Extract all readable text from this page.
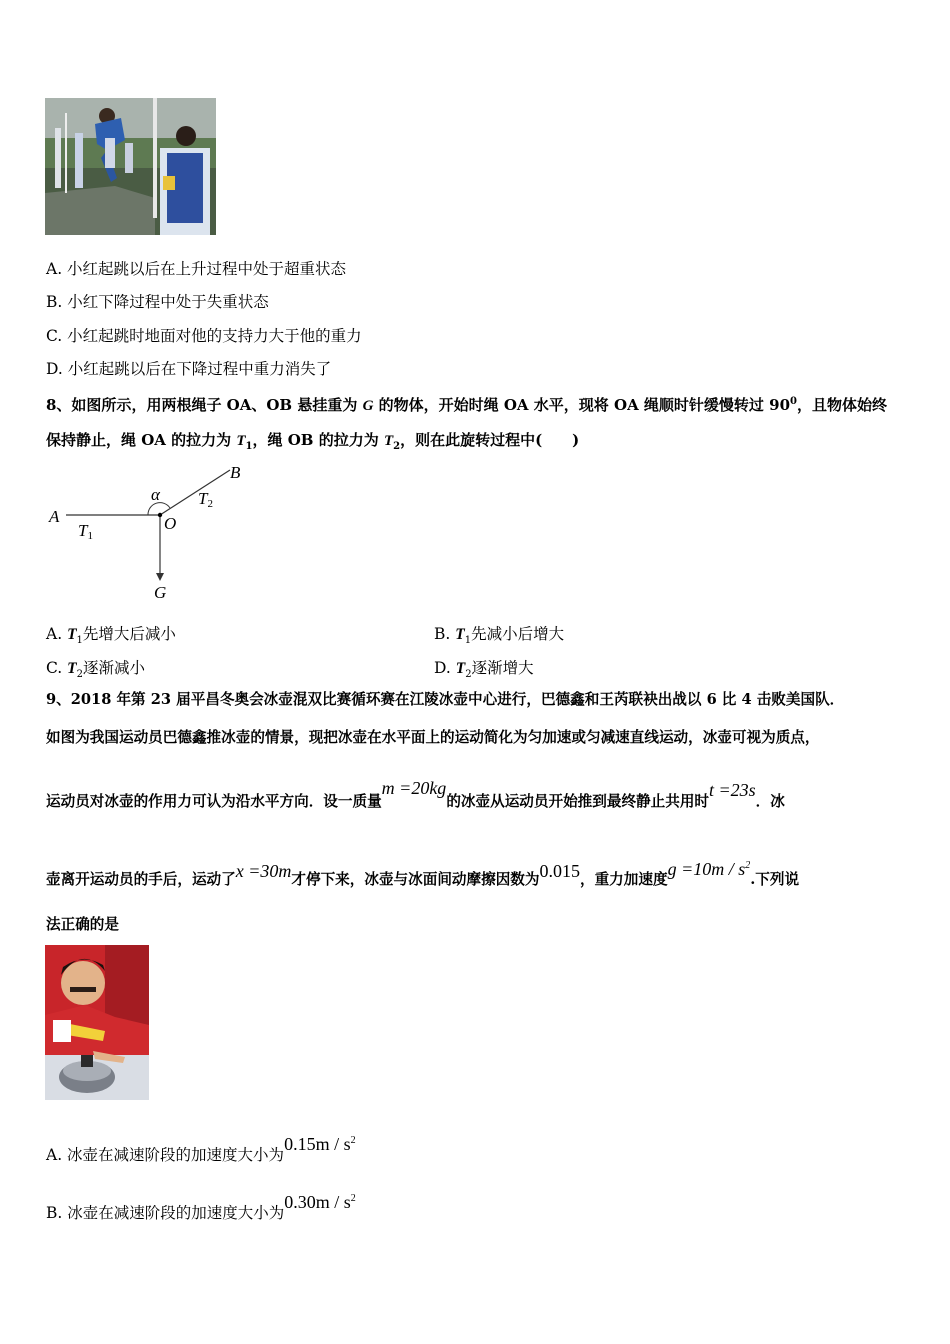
A. 小红起跳以后在上升过程中处于超重状态
B. 小红下降过程中处于失重状态
C. 小红起跳时地面对他的支持力大于他的重力
D. 小红起跳以后在下降过程中重力消失了
8、如图所示，用两根绳子 OA、OB 悬挂重为 G 的物体，开始时绳 OA 水平，现将 OA 绳顺时针缓慢转过 $90^0$，且物体始终
保持静止，绳 OA 的拉力为 $T_1$，绳 OB 的拉力为 $T_2$，则在此旋转过程中(　　)
A
B
O
G
α
T1
T2
A. $T_1$先增大后减小	B. $T_1$先减小后增大
C. $T_2$逐渐减小	D. $T_2$逐渐增大
9、2018 年第 23 届平昌冬奥会冰壶混双比赛循环赛在江陵冰壶中心进行，巴德鑫和王芮联袂出战以 6 比 4 击败美国队．
如图为我国运动员巴德鑫推冰壶的情景，现把冰壶在水平面上的运动简化为匀加速或匀减速直线运动，冰壶可视为质点，
运动员对冰壶的作用力可认为沿水平方向．设一质量m =20kg的冰壶从运动员开始推到最终静止共用时t =23s．冰
壶离开运动员的手后，运动了x =30m才停下来，冰壶与冰面间动摩擦因数为0.015，重力加速度$g =10m / s^2$.下列说
法正确的是
A. 冰壶在减速阶段的加速度大小为$0.15m / s^2$
B. 冰壶在减速阶段的加速度大小为$0.30m / s^2$
